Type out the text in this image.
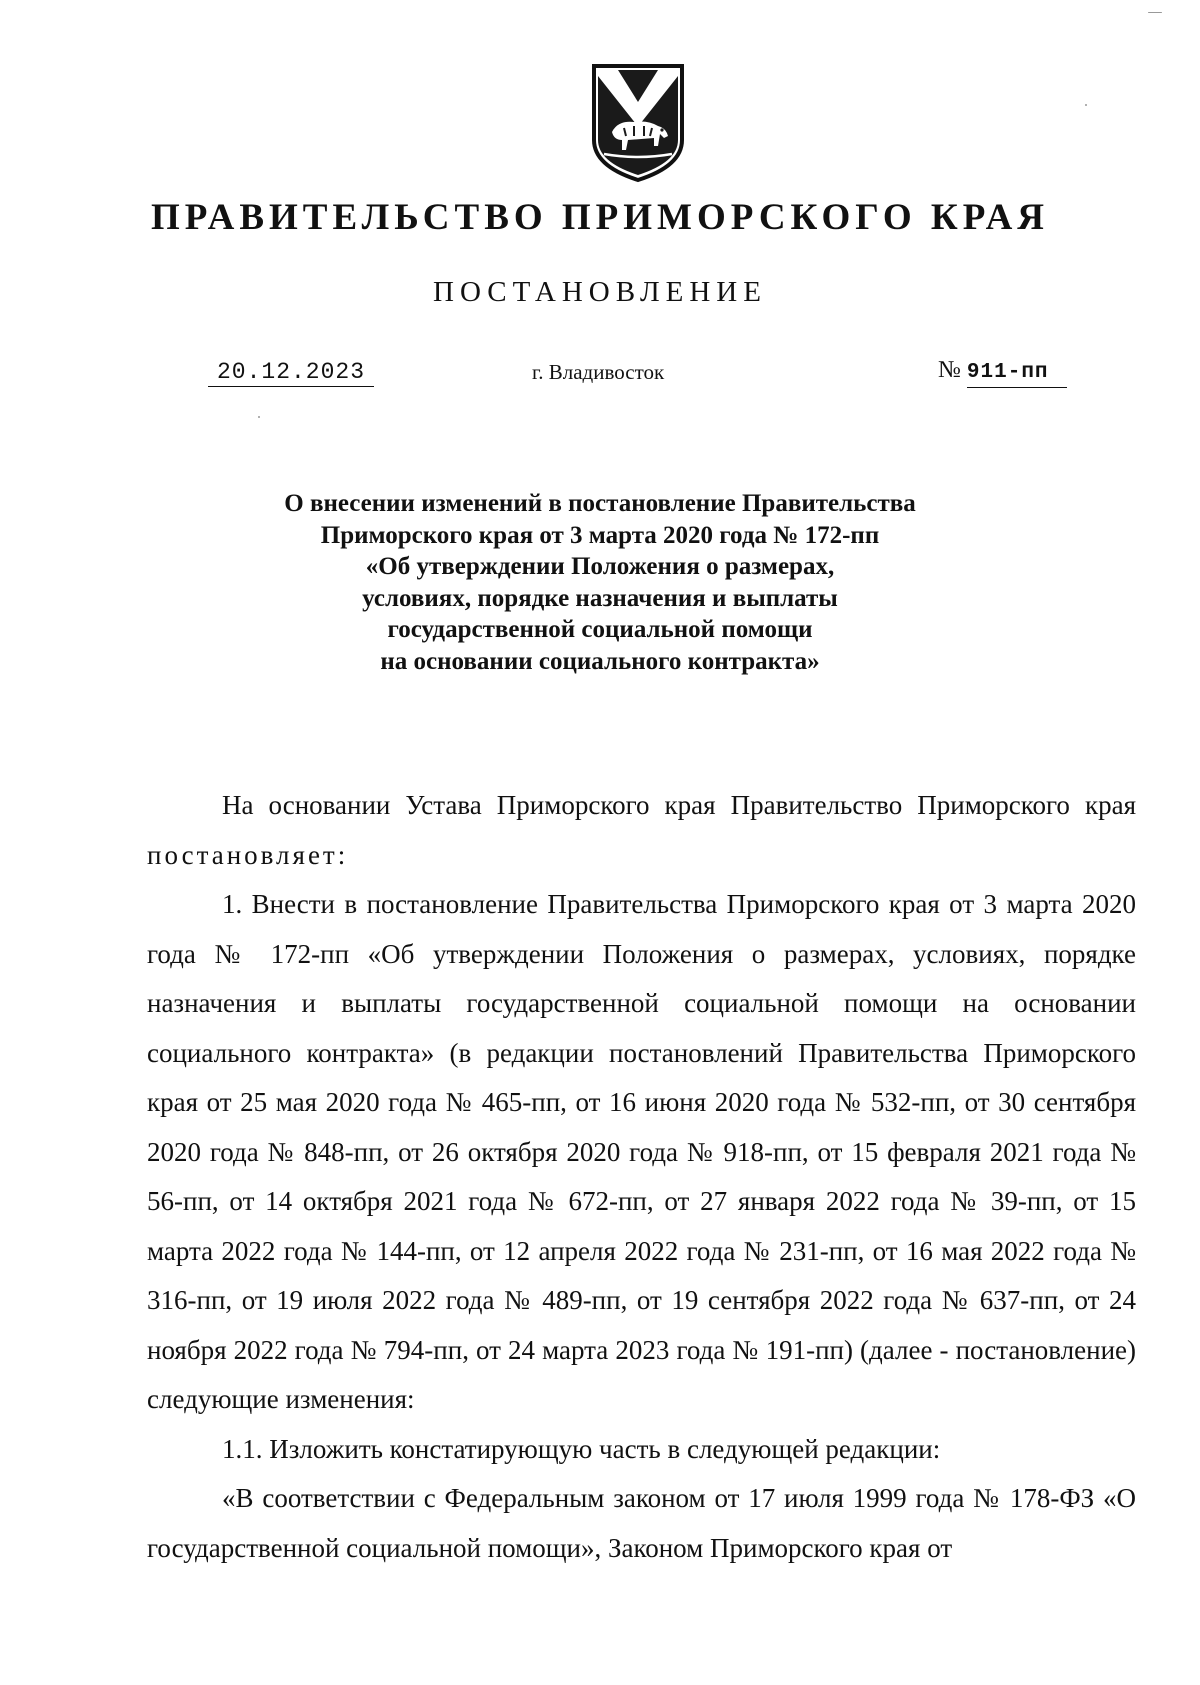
ПРАВИТЕЛЬСТВО ПРИМОРСКОГО КРАЯ
ПОСТАНОВЛЕНИЕ
20.12.2023	г. Владивосток	№ 911-пп
О внесении изменений в постановление Правительства
Приморского края от 3 марта 2020 года № 172-пп
«Об утверждении Положения о размерах,
условиях, порядке назначения и выплаты
государственной социальной помощи
на основании социального контракта»

На основании Устава Приморского края Правительство Приморского края постановляет:

1. Внести в постановление Правительства Приморского края от 3 марта 2020 года № 172-пп «Об утверждении Положения о размерах, условиях, порядке назначения и выплаты государственной социальной помощи на основании социального контракта» (в редакции постановлений Правительства Приморского края от 25 мая 2020 года № 465-пп, от 16 июня 2020 года № 532-пп, от 30 сентября 2020 года № 848-пп, от 26 октября 2020 года № 918-пп, от 15 февраля 2021 года № 56-пп, от 14 октября 2021 года № 672-пп, от 27 января 2022 года № 39-пп, от 15 марта 2022 года № 144-пп, от 12 апреля 2022 года № 231-пп, от 16 мая 2022 года № 316-пп, от 19 июля 2022 года № 489-пп, от 19 сентября 2022 года № 637-пп, от 24 ноября 2022 года № 794-пп, от 24 марта 2023 года № 191-пп) (далее - постановление) следующие изменения:

1.1. Изложить констатирующую часть в следующей редакции:

«В соответствии с Федеральным законом от 17 июля 1999 года № 178-ФЗ «О государственной социальной помощи», Законом Приморского края от
